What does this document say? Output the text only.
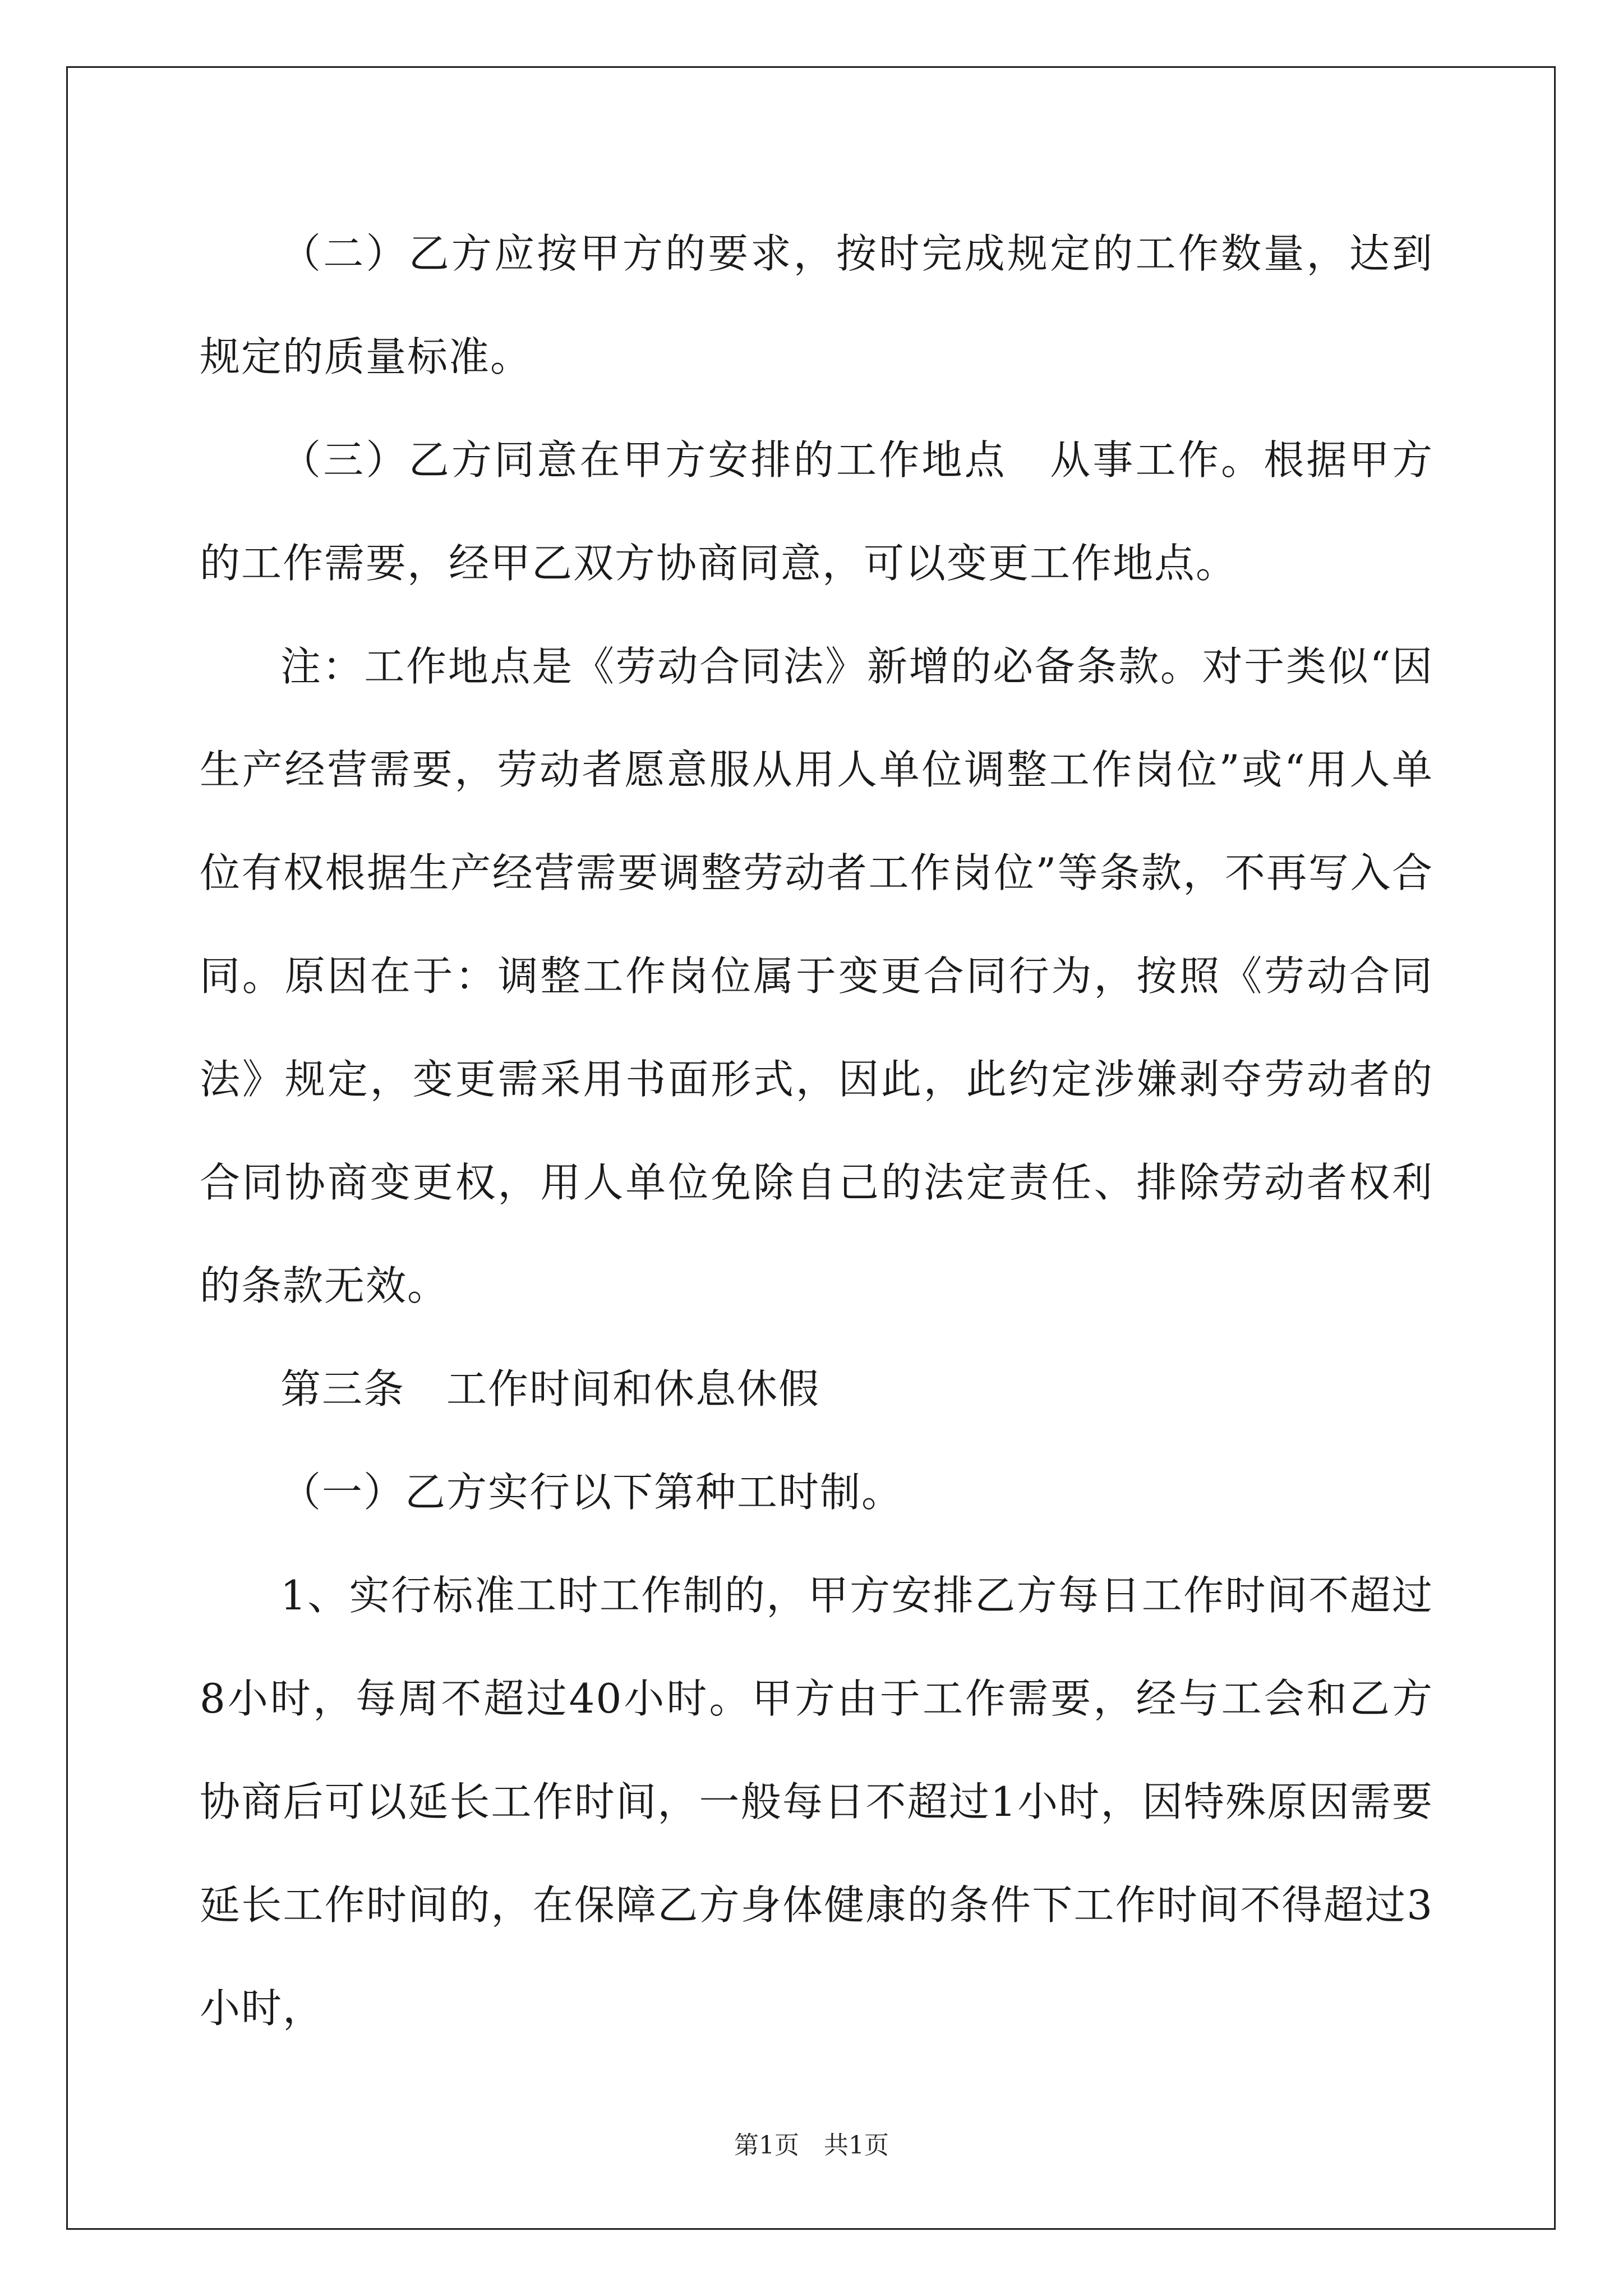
（二）乙方应按甲方的要求，按时完成规定的工作数量，达到规定的质量标准。

（三）乙方同意在甲方安排的工作地点　从事工作。根据甲方的工作需要，经甲乙双方协商同意，可以变更工作地点。

注：工作地点是《劳动合同法》新增的必备条款。对于类似“因生产经营需要，劳动者愿意服从用人单位调整工作岗位”或“用人单位有权根据生产经营需要调整劳动者工作岗位”等条款，不再写入合同。原因在于：调整工作岗位属于变更合同行为，按照《劳动合同法》规定，变更需采用书面形式，因此，此约定涉嫌剥夺劳动者的合同协商变更权，用人单位免除自己的法定责任、排除劳动者权利的条款无效。

第三条　工作时间和休息休假

（一）乙方实行以下第种工时制。

1、实行标准工时工作制的，甲方安排乙方每日工作时间不超过8小时，每周不超过40小时。甲方由于工作需要，经与工会和乙方协商后可以延长工作时间，一般每日不超过1小时，因特殊原因需要延长工作时间的，在保障乙方身体健康的条件下工作时间不得超过3小时，

第1页　共1页
